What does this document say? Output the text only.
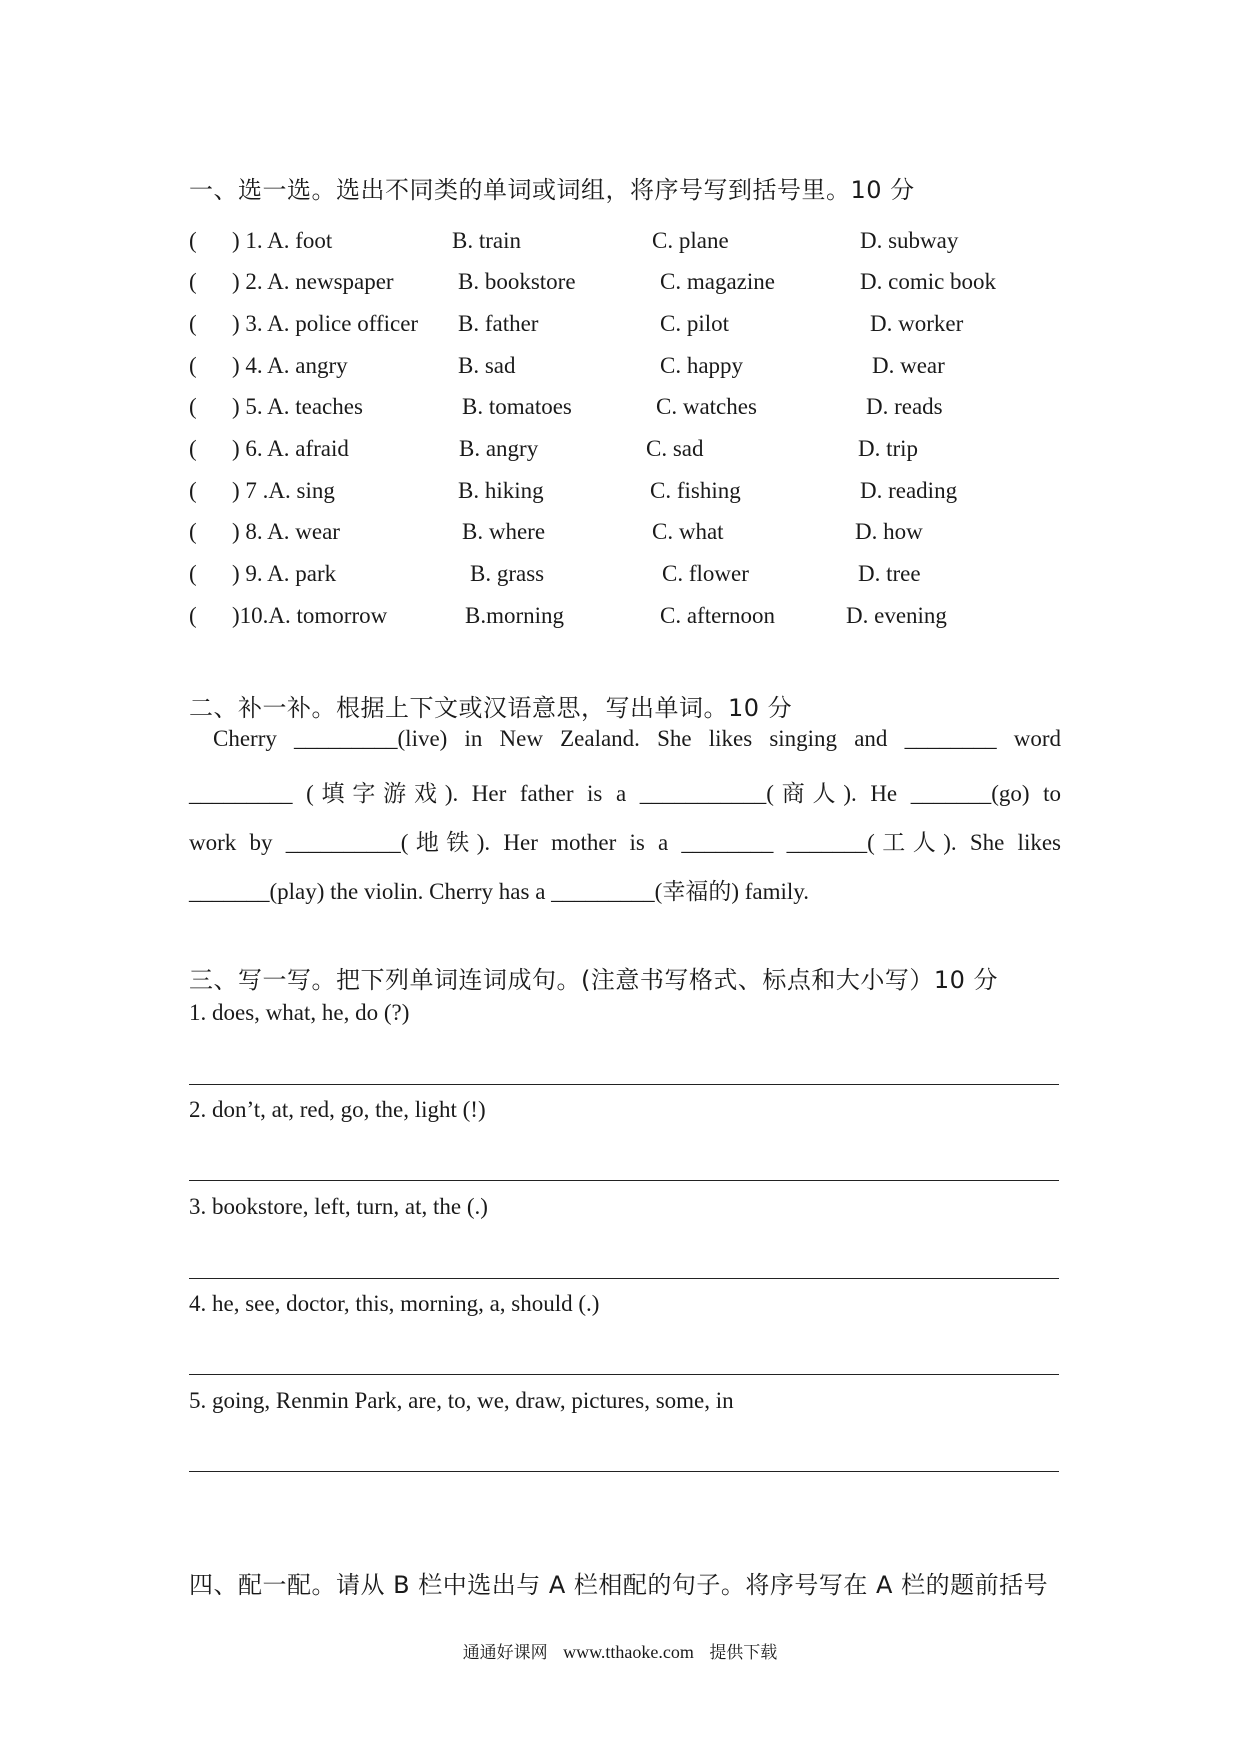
一、选一选。选出不同类的单词或词组，将序号写到括号里。10 分
( ) 1. A. foot	B. train	C. plane	D. subway
( ) 2. A. newspaper	B. bookstore	C. magazine	D. comic book
( ) 3. A. police officer B. father	C. pilot	D. worker
( ) 4. A. angry	B. sad	C. happy	D. wear
( ) 5. A. teaches	B. tomatoes	C. watches	D. reads
( ) 6. A. afraid	B. angry	C. sad	D. trip
( ) 7 .A. sing	B. hiking	C. fishing	D. reading
( ) 8. A. wear	B. where	C. what	D. how
( ) 9. A. park	B. grass	C. flower	D. tree
( )10.A. tomorrow	B.morning	C. afternoon	D. evening
二、补一补。根据上下文或汉语意思，写出单词。10 分
Cherry _________(live) in New Zealand. She likes singing and ________ word
_________ (填字游戏). Her father is a ___________(商人). He _______(go) to
work by __________(地铁). Her mother is a ________ _______(工人). She likes
_______(play) the violin. Cherry has a _________(幸福的) family.
三、写一写。把下列单词连词成句。(注意书写格式、标点和大小写）10 分
1. does, what, he, do (?)
2. don’t, at, red, go, the, light (!)
3. bookstore, left, turn, at, the (.)
4. he, see, doctor, this, morning, a, should (.)
5. going, Renmin Park, are, to, we, draw, pictures, some, in
四、配一配。请从 B 栏中选出与 A 栏相配的句子。将序号写在 A 栏的题前括号
通通好课网 www.tthaoke.com 提供下载
